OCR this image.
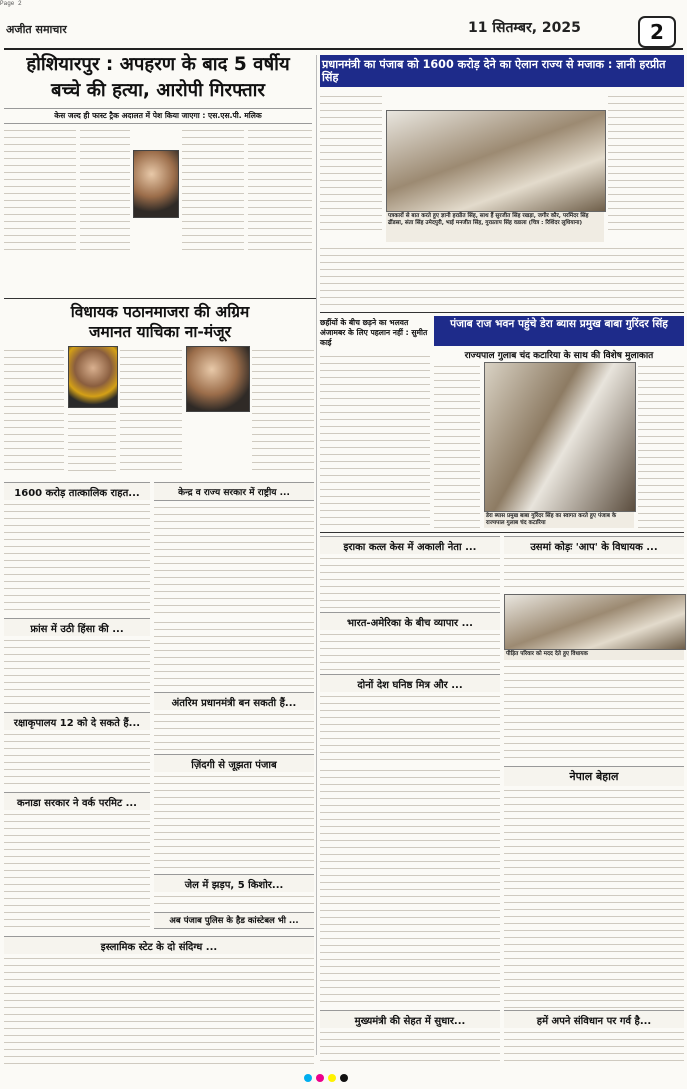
Page 2
अजीत समाचार	11 सितम्बर, 2025	2
होशियारपुर : अपहरण के बाद 5 वर्षीय
बच्चे की हत्या, आरोपी गिरफ्तार
केस जल्द ही फास्ट ट्रैक अदालत में पेश किया जाएगा : एस.एस.पी. मलिक
प्रधानमंत्री का पंजाब को 1600 करोड़ देने का ऐलान राज्य से मजाक : ज्ञानी हरप्रीत सिंह
पत्रकारों से बात करते हुए ज्ञानी हरप्रीत सिंह, साथ हैं सुरजीत सिंह रखड़ा, जगीर कौर, परमिंदर सिंह ढींडसा, संता सिंह उमेदपुरी, भाई मनजीत सिंह, गुरप्रताप सिंह वडाला (चित्र : रिशिंदर लुधियाना)
विधायक पठानमाजरा की अग्रिम
जमानत याचिका ना-मंजूर
1600 करोड़ तात्कालिक राहत...	केन्द्र व राज्य सरकार में राष्ट्रीय ...
फ्रांस में उठी हिंसा की ...
रक्षाकृपालय 12 को दे सकते हैं...
कनाडा सरकार ने वर्क परमिट ...
इस्लामिक स्टेट के दो संदिग्ध ...
अंतरिम प्रधानमंत्री बन सकती हैं...
ज़िंदगी से जूझता पंजाब
जेल में झड़प, 5 किशोर...
अब पंजाब पुलिस के हैड कांस्टेबल भी ...
छहींयों के बीच छड़ने का भलवत अंजामबर के लिए पहलान नहीं : सुमीत काई
पंजाब राज भवन पहुंचे डेरा ब्यास प्रमुख बाबा गुरिंदर सिंह
राज्यपाल गुलाब चंद कटारिया के साथ की विशेष मुलाकात
डेरा ब्यास प्रमुख बाबा गुरिंदर सिंह का स्वागत करते हुए पंजाब के राज्यपाल गुलाब चंद कटारिया
इराका कत्ल केस में अकाली नेता ...
भारत-अमेरिका के बीच व्यापार ...
दोनों देश घनिष्ठ मित्र और ...
उसमां कोड़ः 'आप' के विधायक ...
पीड़ित परिवार को मदद देते हुए विधायक
नेपाल बेहाल
मुख्यमंत्री की सेहत में सुधार...	हमें अपने संविधान पर गर्व है...
